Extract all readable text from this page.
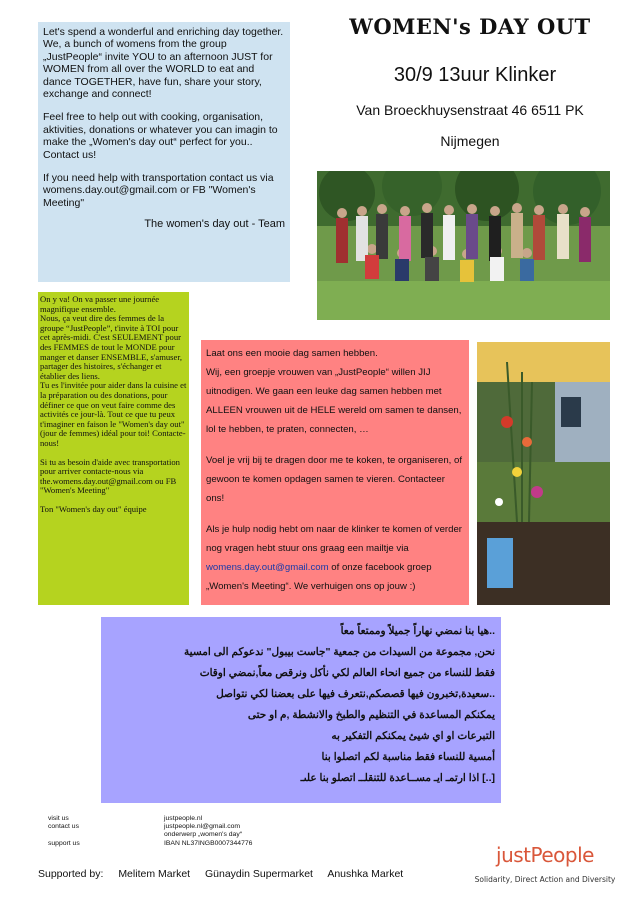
Let's spend a wonderful and enriching day together.

We, a bunch of womens from the group „JustPeople“ invite YOU to an afternoon JUST for WOMEN from all over the WORLD to eat and dance TOGETHER, have fun, share your story, exchange and connect!

Feel free to help out with cooking, organisation, aktivities, donations or whatever you can imagin to make the „Women's day out“ perfect for you.. Contact us!

If you need help with transportation contact us via womens.day.out@gmail.com or FB "Women's Meeting"

The women's day out - Team
WOMEN's DAY OUT
30/9 13uur Klinker
Van Broeckhuysenstraat 46 6511 PK
Nijmegen

On y va! On va passer une journée magnifique ensemble.

Nous, ça veut dire des femmes de la groupe “JustPeople”, t'invite à TOI pour cet après-midi. C'est SEULEMENT pour des FEMMES de tout le MONDE pour manger et danser ENSEMBLE, s'amuser, partager des histoires, s'échanger et établier des liens.

Tu es l'invitée pour aider dans la cuisine et la préparation ou des donations, pour définer ce que on veut faire comme des activités ce jour-là. Tout ce que tu peux t'imaginer en faison le "Women's day out" (jour de femmes) idéal pour toi! Contacte-nous!

Si tu as besoin d'aide avec transportation pour arriver contacte-nous via the.womens.day.out@gmail.com ou FB "Women's Meeting"

Ton "Women's day out" équipe

Laat ons een mooie dag samen hebben.

Wij, een groepje vrouwen van „JustPeople“ willen JIJ uitnodigen. We gaan een leuke dag samen hebben met ALLEEN vrouwen uit de HELE wereld om samen te dansen, lol te hebben, te praten, connecten, …

Voel je vrij bij te dragen door me te koken, te organiseren, of gewoon te komen opdagen samen te vieren. Contacteer ons!

Als je hulp nodig hebt om naar de klinker te komen of verder nog vragen hebt stuur ons graag een mailtje via womens.day.out@gmail.com of onze facebook groep „Women's Meeting“. We verhuigen ons op jouw :)

..هيا بنا نمضي نهاراً جميلاً وممتعاً معاً
نحن, مجموعة من السيدات من جمعية "جاست بيبول" ندعوكم الى امسية
فقط للنساء من جميع انحاء العالم لكي نأكل ونرقص معاً,نمضي اوقات
..سعيدة,تخبرون فيها قصصكم,نتعرف فيها على بعضنا لكي نتواصل
يمكنكم المساعدة في التنظيم والطبخ والانشطة ,م او حتى
التبرعات او اي شيئ يمكنكم التفكير به
أمسية للنساء فقط مناسبة لكم اتصلوا بنا
[..] اذا ارتمـ ايـ مســاعدة للتنقلــ اتصلو بنا علىـ
visit us	justpeople.nl
contact us	justpeople.nl@gmail.com
onderwerp „women's day“
support us	IBAN NL37INGB0007344776
Supported by: Melitem Market Günaydin Supermarket Anushka Market
justPeople
Solidarity, Direct Action and Diversity
